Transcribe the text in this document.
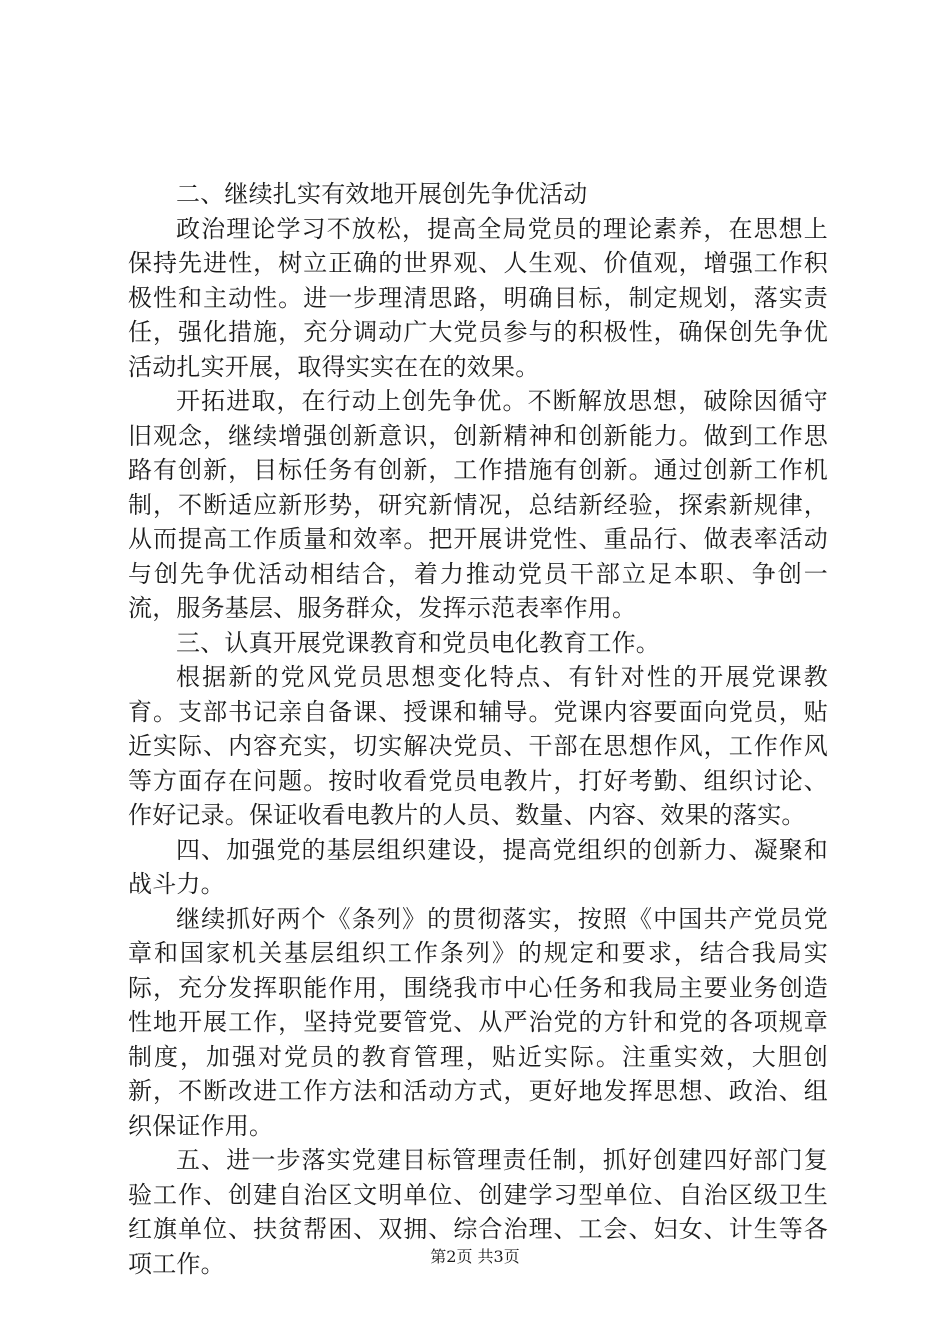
二、继续扎实有效地开展创先争优活动

政治理论学习不放松，提高全局党员的理论素养，在思想上保持先进性，树立正确的世界观、人生观、价值观，增强工作积极性和主动性。进一步理清思路，明确目标，制定规划，落实责任，强化措施，充分调动广大党员参与的积极性，确保创先争优活动扎实开展，取得实实在在的效果。

开拓进取，在行动上创先争优。不断解放思想，破除因循守旧观念，继续增强创新意识，创新精神和创新能力。做到工作思路有创新，目标任务有创新，工作措施有创新。通过创新工作机制，不断适应新形势，研究新情况，总结新经验，探索新规律，从而提高工作质量和效率。把开展讲党性、重品行、做表率活动与创先争优活动相结合，着力推动党员干部立足本职、争创一流，服务基层、服务群众，发挥示范表率作用。

三、认真开展党课教育和党员电化教育工作。

根据新的党风党员思想变化特点、有针对性的开展党课教育。支部书记亲自备课、授课和辅导。党课内容要面向党员，贴近实际、内容充实，切实解决党员、干部在思想作风，工作作风等方面存在问题。按时收看党员电教片，打好考勤、组织讨论、作好记录。保证收看电教片的人员、数量、内容、效果的落实。

四、加强党的基层组织建设，提高党组织的创新力、凝聚和战斗力。

继续抓好两个《条列》的贯彻落实，按照《中国共产党员党章和国家机关基层组织工作条列》的规定和要求，结合我局实际，充分发挥职能作用，围绕我市中心任务和我局主要业务创造性地开展工作，坚持党要管党、从严治党的方针和党的各项规章制度，加强对党员的教育管理，贴近实际。注重实效，大胆创新，不断改进工作方法和活动方式，更好地发挥思想、政治、组织保证作用。

五、进一步落实党建目标管理责任制，抓好创建四好部门复验工作、创建自治区文明单位、创建学习型单位、自治区级卫生红旗单位、扶贫帮困、双拥、综合治理、工会、妇女、计生等各项工作。	第2页 共3页
